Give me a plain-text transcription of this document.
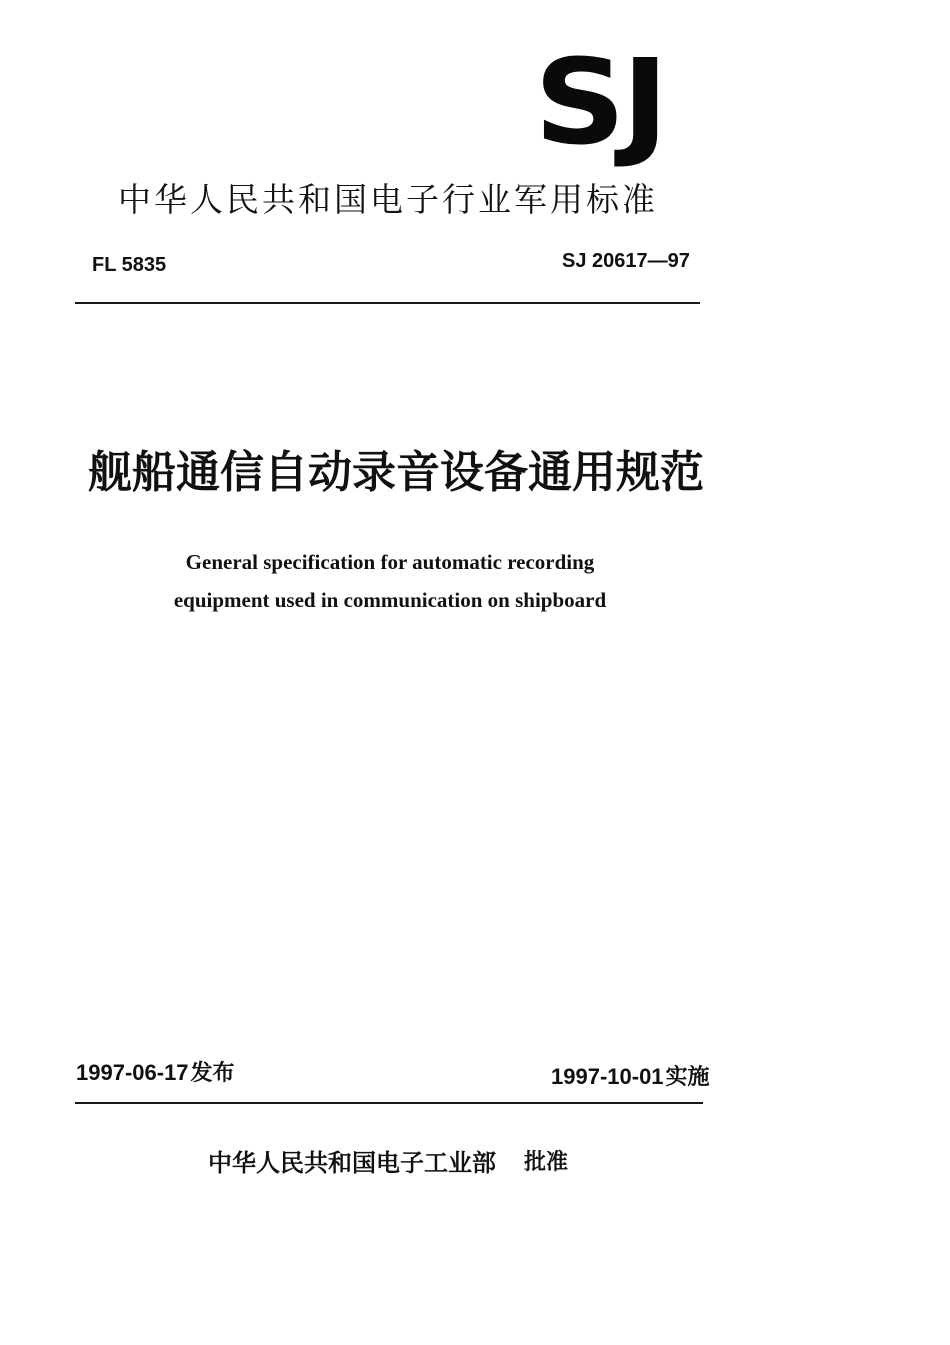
SJ
中华人民共和国电子行业军用标准
FL 5835	SJ 20617—97
舰船通信自动录音设备通用规范
General specification for automatic recording
equipment used in communication on shipboard
1997-06-17发布	1997-10-01实施
中华人民共和国电子工业部 批准
